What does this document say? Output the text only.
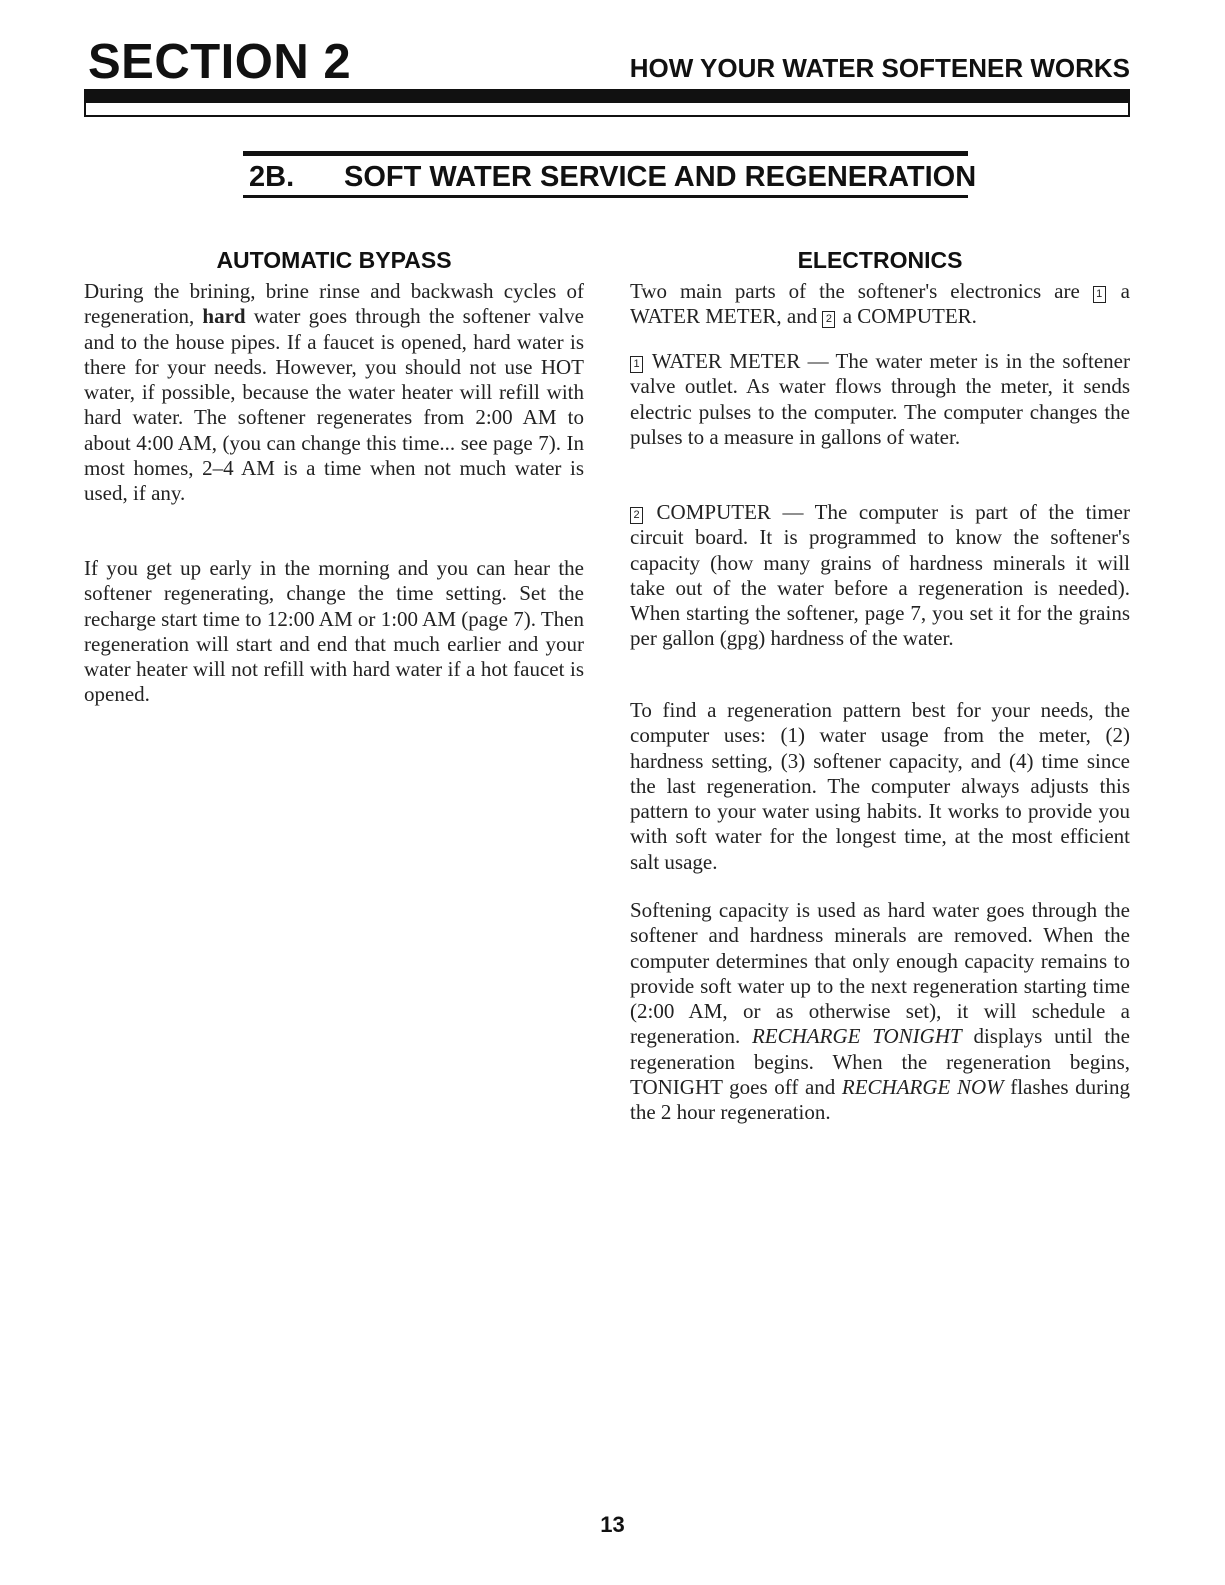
SECTION 2	HOW YOUR WATER SOFTENER WORKS
2B. SOFT WATER SERVICE AND REGENERATION
AUTOMATIC BYPASS

During the brining, brine rinse and backwash cycles of regeneration, hard water goes through the softener valve and to the house pipes. If a faucet is opened, hard water is there for your needs. However, you should not use HOT water, if possible, because the water heater will refill with hard water. The softener regenerates from 2:00 AM to about 4:00 AM, (you can change this time... see page 7). In most homes, 2–4 AM is a time when not much water is used, if any.

If you get up early in the morning and you can hear the softener regenerating, change the time setting. Set the recharge start time to 12:00 AM or 1:00 AM (page 7). Then regeneration will start and end that much earlier and your water heater will not refill with hard water if a hot faucet is opened.

ELECTRONICS

Two main parts of the softener's electronics are 1 a WATER METER, and 2 a COMPUTER.

1 WATER METER — The water meter is in the softener valve outlet. As water flows through the meter, it sends electric pulses to the computer. The computer changes the pulses to a measure in gallons of water.

2 COMPUTER — The computer is part of the timer circuit board. It is programmed to know the softener's capacity (how many grains of hardness minerals it will take out of the water before a regeneration is needed). When starting the softener, page 7, you set it for the grains per gallon (gpg) hardness of the water.

To find a regeneration pattern best for your needs, the computer uses: (1) water usage from the meter, (2) hardness setting, (3) softener capacity, and (4) time since the last regeneration. The computer always adjusts this pattern to your water using habits. It works to provide you with soft water for the longest time, at the most efficient salt usage.

Softening capacity is used as hard water goes through the softener and hardness minerals are removed. When the computer determines that only enough capacity remains to provide soft water up to the next regeneration starting time (2:00 AM, or as otherwise set), it will schedule a regeneration. RECHARGE TONIGHT displays until the regeneration begins. When the regeneration begins, TONIGHT goes off and RECHARGE NOW flashes during the 2 hour regeneration.

13
